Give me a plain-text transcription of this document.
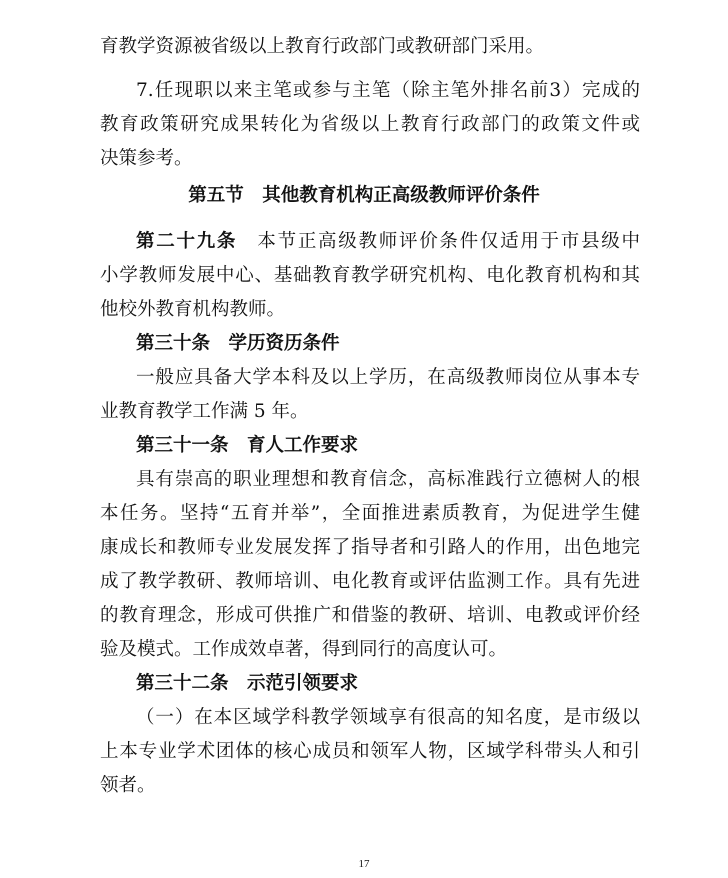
育教学资源被省级以上教育行政部门或教研部门采用。
7.任现职以来主笔或参与主笔（除主笔外排名前3）完成的
教育政策研究成果转化为省级以上教育行政部门的政策文件或
决策参考。
第五节　其他教育机构正高级教师评价条件
第二十九条　 本节正高级教师评价条件仅适用于市县级中
小学教师发展中心、基础教育教学研究机构、电化教育机构和其
他校外教育机构教师。
第三十条　 学历资历条件
一般应具备大学本科及以上学历，在高级教师岗位从事本专
业教育教学工作满 5 年。
第三十一条　 育人工作要求
具有崇高的职业理想和教育信念，高标准践行立德树人的根
本任务。坚持“五育并举”，全面推进素质教育，为促进学生健
康成长和教师专业发展发挥了指导者和引路人的作用，出色地完
成了教学教研、教师培训、电化教育或评估监测工作。具有先进
的教育理念，形成可供推广和借鉴的教研、培训、电教或评价经
验及模式。工作成效卓著，得到同行的高度认可。
第三十二条　 示范引领要求
（一）在本区域学科教学领域享有很高的知名度，是市级以
上本专业学术团体的核心成员和领军人物，区域学科带头人和引
领者。
17
